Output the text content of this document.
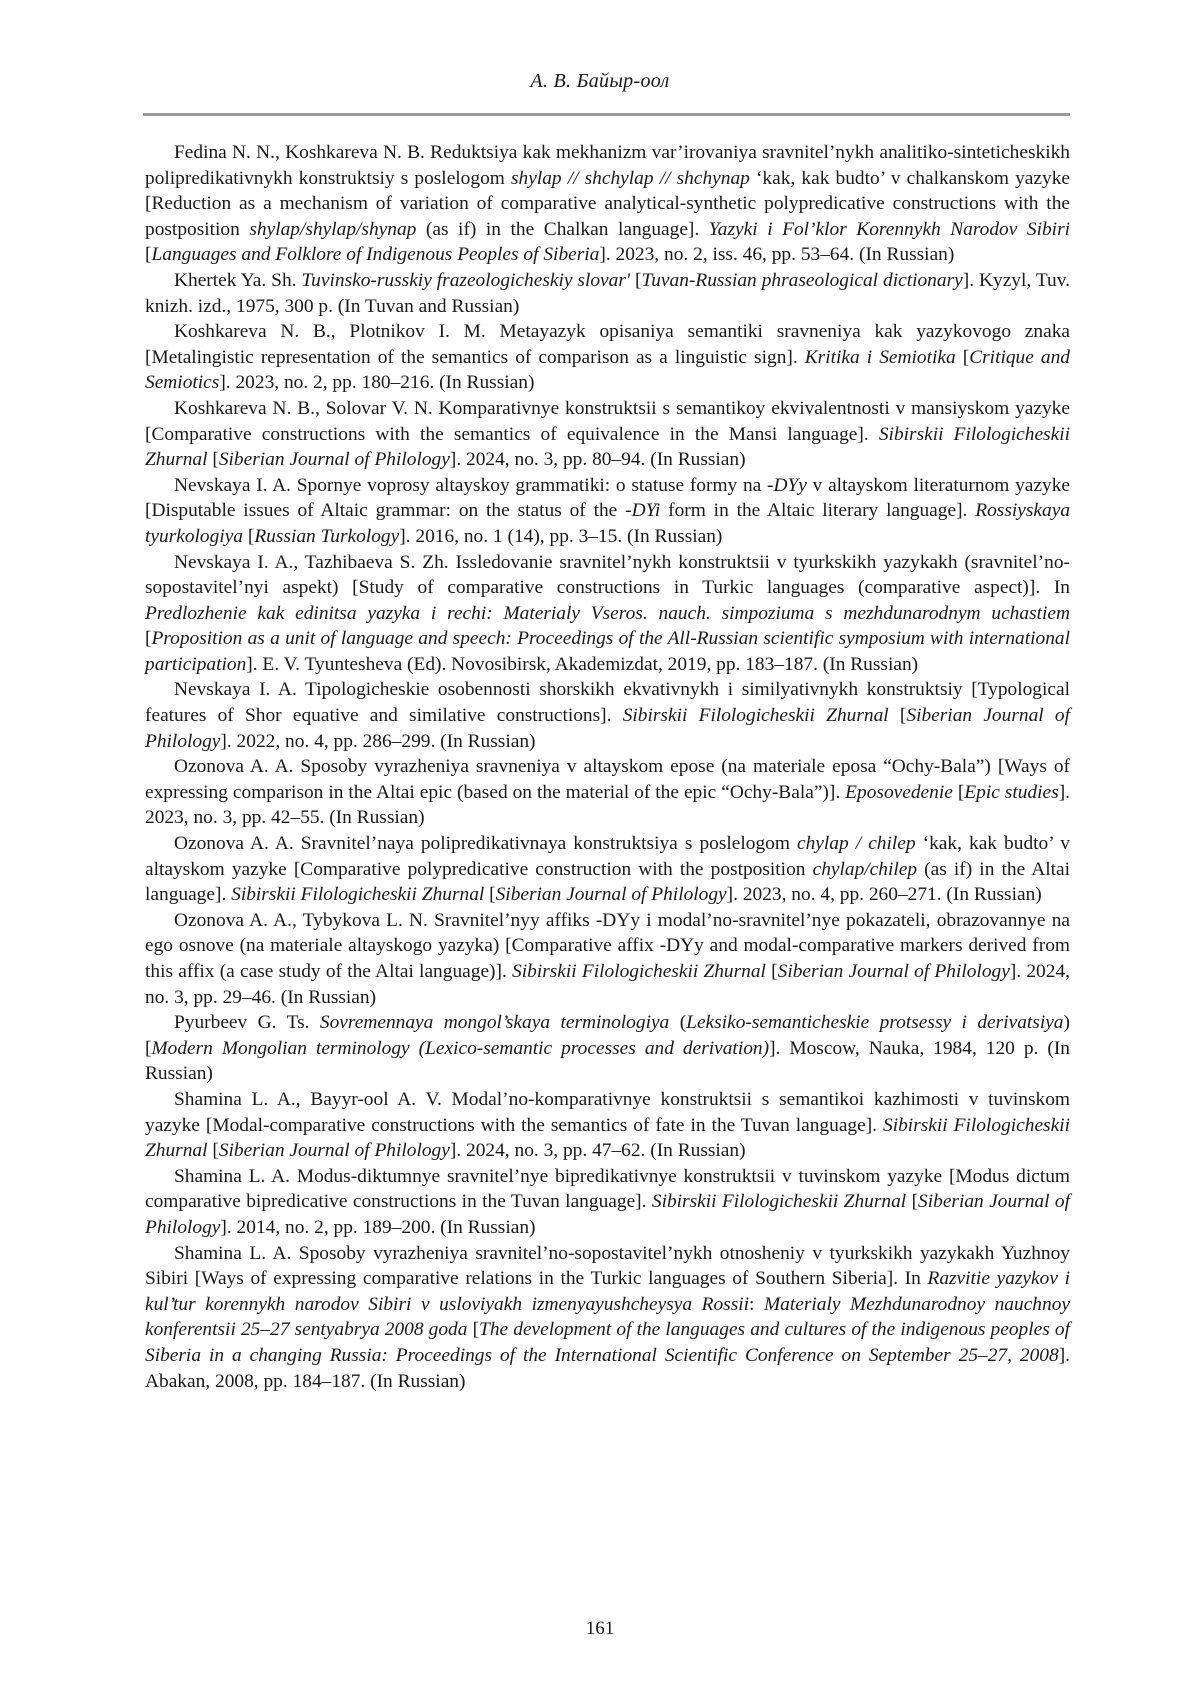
А. В. Байыр-оол

Fedina N. N., Koshkareva N. B. Reduktsiya kak mekhanizm var’irovaniya sravnitel’nykh analitiko-sinteticheskikh polipredikativnykh konstruktsiy s poslelogom shylap // shchylap // shchynap ‘kak, kak budto’ v chalkanskom yazyke [Reduction as a mechanism of variation of comparative analytical-synthetic polypredicative constructions with the postposition shylap/shylap/shynap (as if) in the Chalkan language]. Yazyki i Fol’klor Korennykh Narodov Sibiri [Languages and Folklore of Indigenous Peoples of Siberia]. 2023, no. 2, iss. 46, pp. 53–64. (In Russian)

Khertek Ya. Sh. Tuvinsko-russkiy frazeologicheskiy slovar' [Tuvan-Russian phraseological dictionary]. Kyzyl, Tuv. knizh. izd., 1975, 300 p. (In Tuvan and Russian)

Koshkareva N. B., Plotnikov I. M. Metayazyk opisaniya semantiki sravneniya kak yazykovogo znaka [Metalingistic representation of the semantics of comparison as a linguistic sign]. Kritika i Semiotika [Critique and Semiotics]. 2023, no. 2, pp. 180–216. (In Russian)

Koshkareva N. B., Solovar V. N. Komparativnye konstruktsii s semantikoy ekvivalentnosti v mansiyskom yazyke [Comparative constructions with the semantics of equivalence in the Mansi language]. Sibirskii Filologicheskii Zhurnal [Siberian Journal of Philology]. 2024, no. 3, pp. 80–94. (In Russian)

Nevskaya I. A. Spornye voprosy altayskoy grammatiki: o statuse formy na -DYy v altayskom literaturnom yazyke [Disputable issues of Altaic grammar: on the status of the -DYi form in the Altaic literary language]. Rossiyskaya tyurkologiya [Russian Turkology]. 2016, no. 1 (14), pp. 3–15. (In Russian)

Nevskaya I. A., Tazhibaeva S. Zh. Issledovanie sravnitel’nykh konstruktsii v tyurkskikh yazykakh (sravnitel’no-sopostavitel’nyi aspekt) [Study of comparative constructions in Turkic languages (comparative aspect)]. In Predlozhenie kak edinitsa yazyka i rechi: Materialy Vseros. nauch. simpoziuma s mezhdunarodnym uchastiem [Proposition as a unit of language and speech: Proceedings of the All-Russian scientific symposium with international participation]. E. V. Tyuntesheva (Ed). Novosibirsk, Akademizdat, 2019, pp. 183–187. (In Russian)

Nevskaya I. A. Tipologicheskie osobennosti shorskikh ekvativnykh i similyativnykh konstruktsiy [Typological features of Shor equative and similative constructions]. Sibirskii Filologicheskii Zhurnal [Siberian Journal of Philology]. 2022, no. 4, pp. 286–299. (In Russian)

Ozonova A. A. Sposoby vyrazheniya sravneniya v altayskom epose (na materiale eposa “Ochy-Bala”) [Ways of expressing comparison in the Altai epic (based on the material of the epic “Ochy-Bala”)]. Eposovedenie [Epic studies]. 2023, no. 3, pp. 42–55. (In Russian)

Ozonova A. A. Sravnitel’naya polipredikativnaya konstruktsiya s poslelogom chylap / chilep ‘kak, kak budto’ v altayskom yazyke [Comparative polypredicative construction with the postposition chylap/chilep (as if) in the Altai language]. Sibirskii Filologicheskii Zhurnal [Siberian Journal of Philology]. 2023, no. 4, pp. 260–271. (In Russian)

Ozonova A. A., Tybykova L. N. Sravnitel’nyy affiks -DYy i modal’no-sravnitel’nye pokazateli, obrazovannye na ego osnove (na materiale altayskogo yazyka) [Comparative affix -DYy and modal-comparative markers derived from this affix (a case study of the Altai language)]. Sibirskii Filologicheskii Zhurnal [Siberian Journal of Philology]. 2024, no. 3, pp. 29–46. (In Russian)

Pyurbeev G. Ts. Sovremennaya mongol’skaya terminologiya (Leksiko-semanticheskie protsessy i derivatsiya) [Modern Mongolian terminology (Lexico-semantic processes and derivation)]. Moscow, Nauka, 1984, 120 p. (In Russian)

Shamina L. A., Bayyr-ool A. V. Modal’no-komparativnye konstruktsii s semantikoi kazhimosti v tuvinskom yazyke [Modal-comparative constructions with the semantics of fate in the Tuvan language]. Sibirskii Filologicheskii Zhurnal [Siberian Journal of Philology]. 2024, no. 3, pp. 47–62. (In Russian)

Shamina L. A. Modus-diktumnye sravnitel’nye bipredikativnye konstruktsii v tuvinskom yazyke [Modus dictum comparative bipredicative constructions in the Tuvan language]. Sibirskii Filologicheskii Zhurnal [Siberian Journal of Philology]. 2014, no. 2, pp. 189–200. (In Russian)

Shamina L. A. Sposoby vyrazheniya sravnitel’no-sopostavitel’nykh otnosheniy v tyurkskikh yazykakh Yuzhnoy Sibiri [Ways of expressing comparative relations in the Turkic languages of Southern Siberia]. In Razvitie yazykov i kul’tur korennykh narodov Sibiri v usloviyakh izmenyayushcheysya Rossii: Materialy Mezhdunarodnoy nauchnoy konferentsii 25–27 sentyabrya 2008 goda [The development of the languages and cultures of the indigenous peoples of Siberia in a changing Russia: Proceedings of the International Scientific Conference on September 25–27, 2008]. Abakan, 2008, pp. 184–187. (In Russian)

161
